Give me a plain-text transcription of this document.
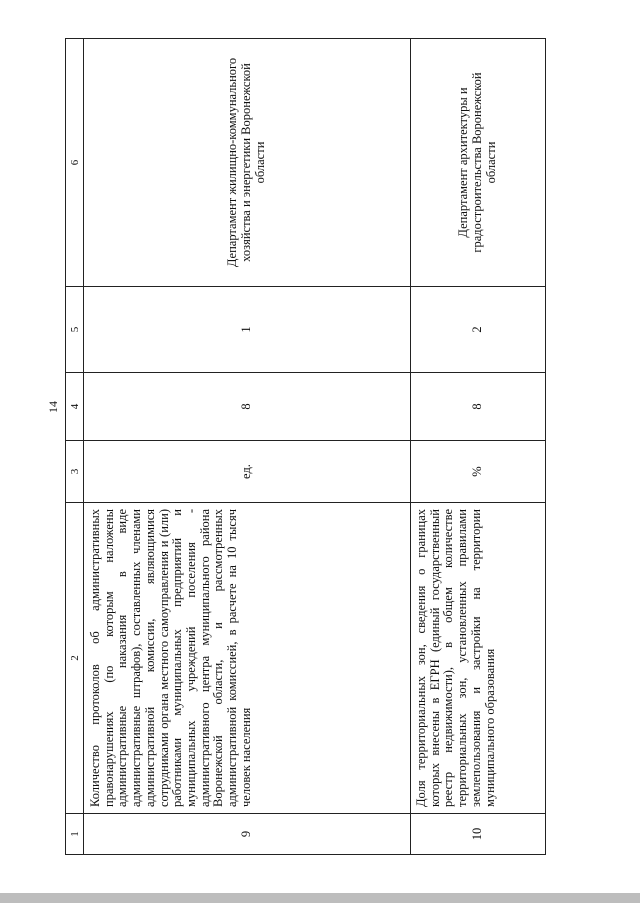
14
1
2
3
4
5
6
9
Количество протоколов об административных правонарушениях (по которым наложены административные наказания в виде административные штрафов), составленных членами административной комиссии, являющимися сотрудниками органа местного самоуправления и (или) работниками муниципальных предприятий и муниципальных учреждений поселения - административного центра муниципального района Воронежской области, и рассмотренных административной комиссией, в расчете на 10 тысяч человек населения
ед.
8
1
Департамент жилищно-коммунального хозяйства и энергетики Воронежской области
10
Доля территориальных зон, сведения о границах которых внесены в ЕГРН (единый государственный реестр недвижимости), в общем количестве территориальных зон, установленных правилами землепользования и застройки на территории муниципального образования
%
8
2
Департамент архитектуры и градостроительства Воронежской области
